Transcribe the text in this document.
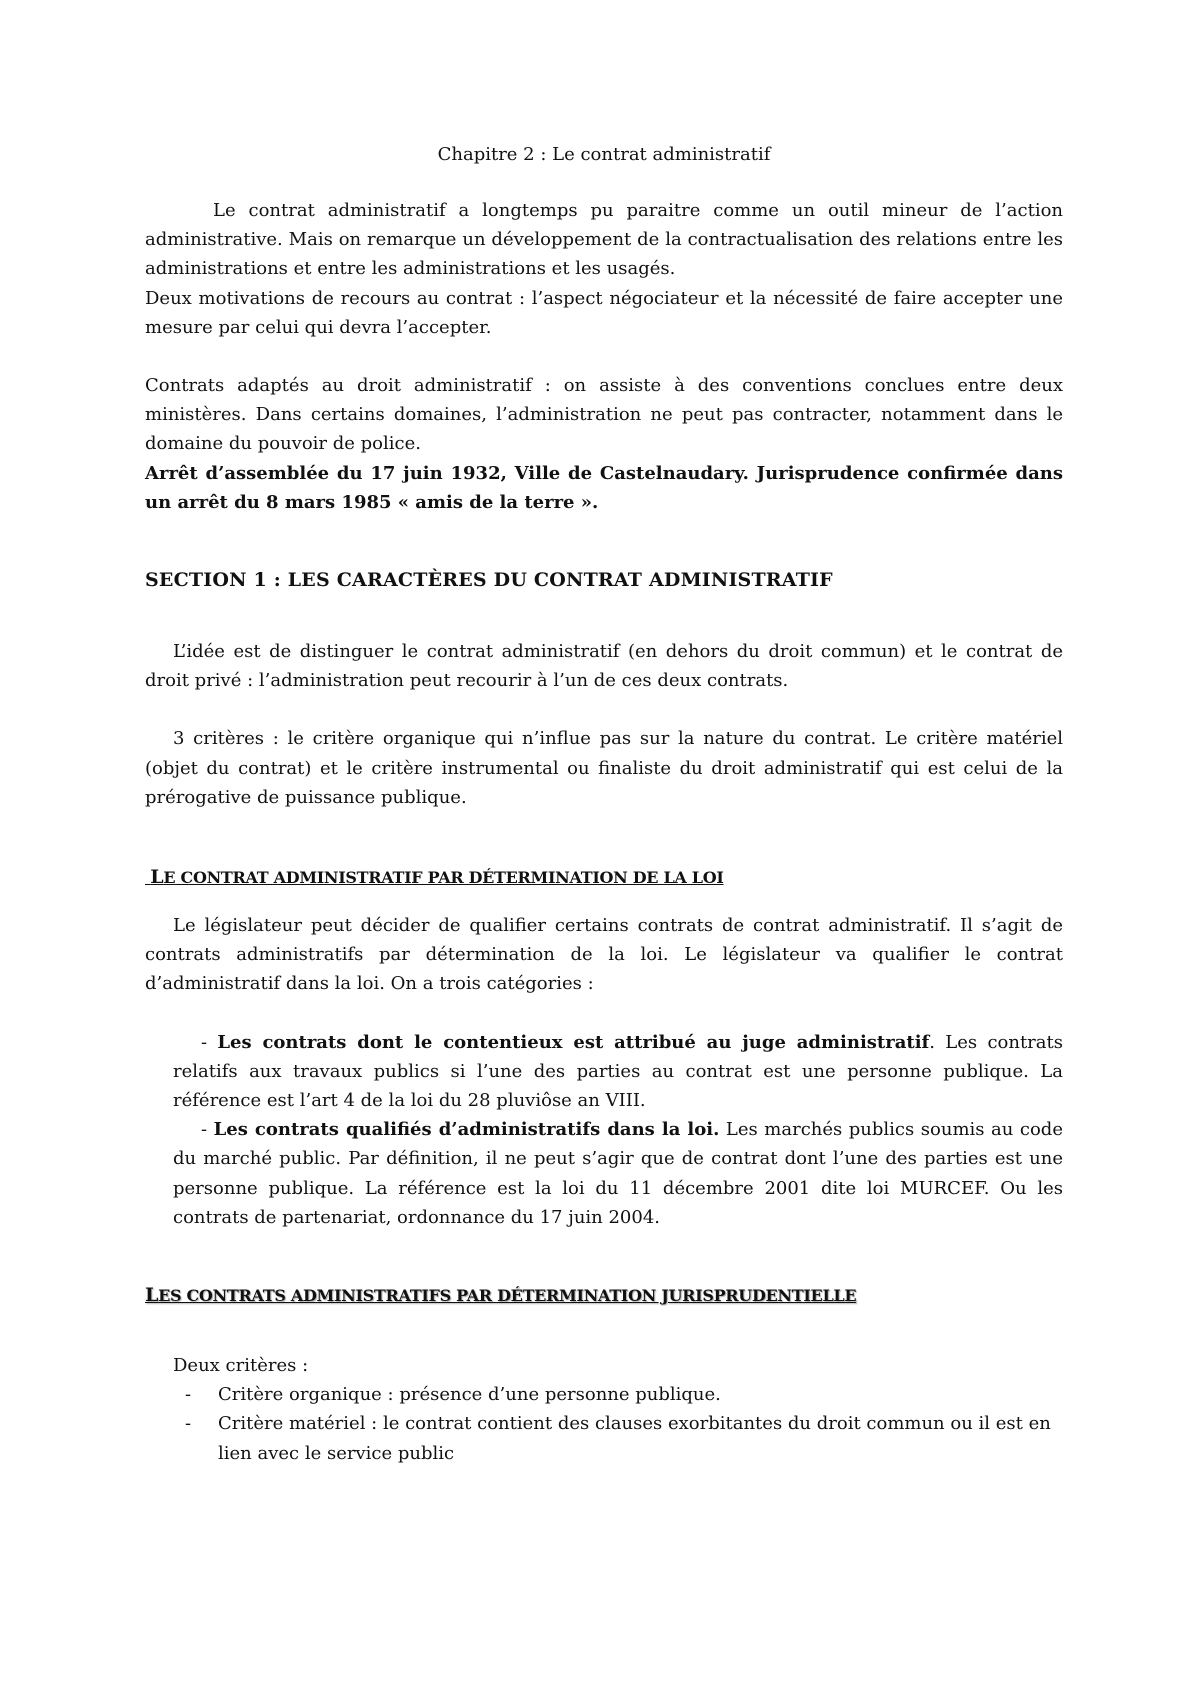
Chapitre 2 : Le contrat administratif

Le contrat administratif a longtemps pu paraitre comme un outil mineur de l’action administrative. Mais on remarque un développement de la contractualisation des relations entre les administrations et entre les administrations et les usagés.

Deux motivations de recours au contrat : l’aspect négociateur et la nécessité de faire accepter une mesure par celui qui devra l’accepter.

Contrats adaptés au droit administratif : on assiste à des conventions conclues entre deux ministères. Dans certains domaines, l’administration ne peut pas contracter, notamment dans le domaine du pouvoir de police.

Arrêt d’assemblée du 17 juin 1932, Ville de Castelnaudary. Jurisprudence confirmée dans un arrêt du 8 mars 1985 « amis de la terre ».

SECTION 1 : LES CARACTÈRES DU CONTRAT ADMINISTRATIF

L’idée est de distinguer le contrat administratif (en dehors du droit commun) et le contrat de droit privé : l’administration peut recourir à l’un de ces deux contrats.

3 critères : le critère organique qui n’influe pas sur la nature du contrat. Le critère matériel (objet du contrat) et le critère instrumental ou finaliste du droit administratif qui est celui de la prérogative de puissance publique.

LE CONTRAT ADMINISTRATIF PAR DÉTERMINATION DE LA LOI

Le législateur peut décider de qualifier certains contrats de contrat administratif. Il s’agit de contrats administratifs par détermination de la loi. Le législateur va qualifier le contrat d’administratif dans la loi. On a trois catégories :

- Les contrats dont le contentieux est attribué au juge administratif. Les contrats relatifs aux travaux publics si l’une des parties au contrat est une personne publique. La référence est l’art 4 de la loi du 28 pluviôse an VIII.

- Les contrats qualifiés d’administratifs dans la loi. Les marchés publics soumis au code du marché public. Par définition, il ne peut s’agir que de contrat dont l’une des parties est une personne publique. La référence est la loi du 11 décembre 2001 dite loi MURCEF. Ou les contrats de partenariat, ordonnance du 17 juin 2004.

LES CONTRATS ADMINISTRATIFS PAR DÉTERMINATION JURISPRUDENTIELLE

Deux critères :

- Critère organique : présence d’une personne publique.
- Critère matériel : le contrat contient des clauses exorbitantes du droit commun ou il est en lien avec le service public
